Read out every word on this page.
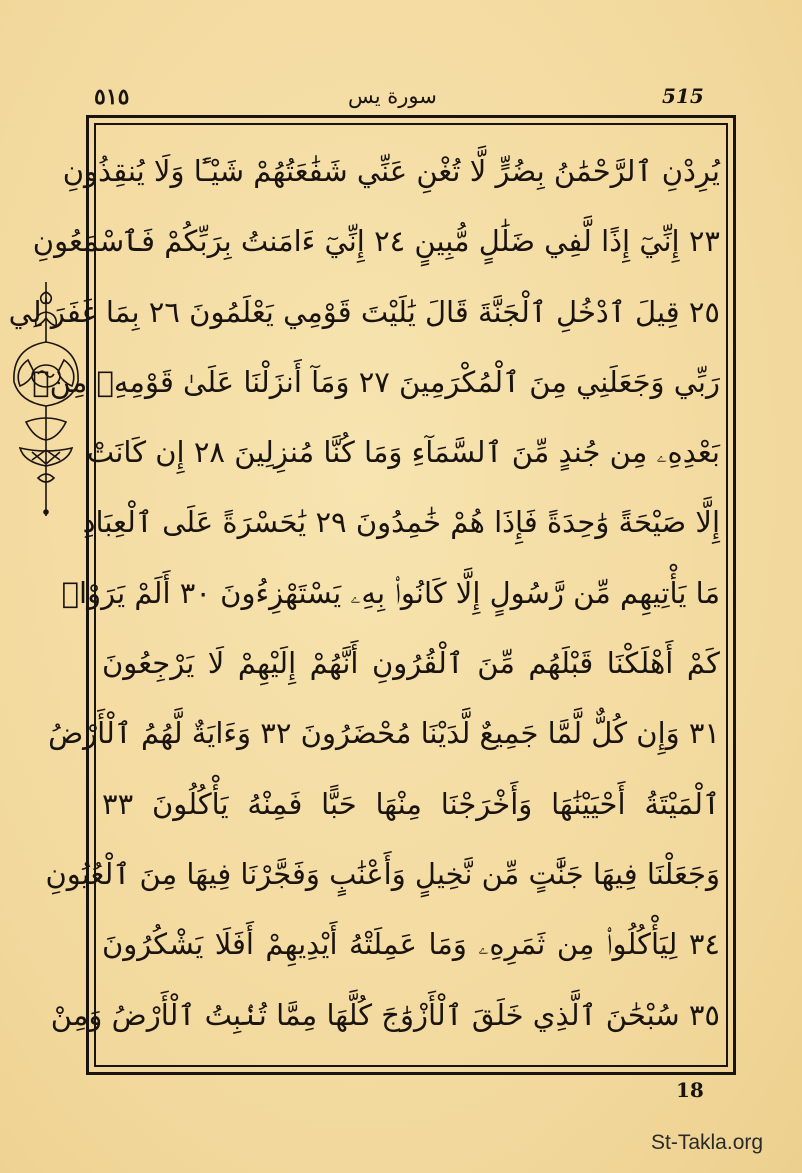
٥١٥	سورة يس	515
يُرِدْنِ ٱلرَّحْمَٰنُ بِضُرٍّ لَّا تُغْنِ عَنِّي شَفَٰعَتُهُمْ شَيْـًٔا وَلَا يُنقِذُونِ
٢٣ إِنِّيٓ إِذًا لَّفِي ضَلَٰلٍ مُّبِينٍ ٢٤ إِنِّيٓ ءَامَنتُ بِرَبِّكُمْ فَٱسْمَعُونِ
٢٥ قِيلَ ٱدْخُلِ ٱلْجَنَّةَ قَالَ يَٰلَيْتَ قَوْمِي يَعْلَمُونَ ٢٦ بِمَا غَفَرَ لِي
رَبِّي وَجَعَلَنِي مِنَ ٱلْمُكْرَمِينَ ٢٧ وَمَآ أَنزَلْنَا عَلَىٰ قَوْمِهِۦ مِنۢ
بَعْدِهِۦ مِن جُندٍ مِّنَ ٱلسَّمَآءِ وَمَا كُنَّا مُنزِلِينَ ٢٨ إِن كَانَتْ
إِلَّا صَيْحَةً وَٰحِدَةً فَإِذَا هُمْ خَٰمِدُونَ ٢٩ يَٰحَسْرَةً عَلَى ٱلْعِبَادِ
مَا يَأْتِيهِم مِّن رَّسُولٍ إِلَّا كَانُوا۟ بِهِۦ يَسْتَهْزِءُونَ ٣٠ أَلَمْ يَرَوْا۟
كَمْ أَهْلَكْنَا قَبْلَهُم مِّنَ ٱلْقُرُونِ أَنَّهُمْ إِلَيْهِمْ لَا يَرْجِعُونَ
٣١ وَإِن كُلٌّ لَّمَّا جَمِيعٌ لَّدَيْنَا مُحْضَرُونَ ٣٢ وَءَايَةٌ لَّهُمُ ٱلْأَرْضُ
ٱلْمَيْتَةُ أَحْيَيْنَٰهَا وَأَخْرَجْنَا مِنْهَا حَبًّا فَمِنْهُ يَأْكُلُونَ ٣٣
وَجَعَلْنَا فِيهَا جَنَّٰتٍ مِّن نَّخِيلٍ وَأَعْنَٰبٍ وَفَجَّرْنَا فِيهَا مِنَ ٱلْعُيُونِ
٣٤ لِيَأْكُلُوا۟ مِن ثَمَرِهِۦ وَمَا عَمِلَتْهُ أَيْدِيهِمْ أَفَلَا يَشْكُرُونَ
٣٥ سُبْحَٰنَ ٱلَّذِي خَلَقَ ٱلْأَزْوَٰجَ كُلَّهَا مِمَّا تُنۢبِتُ ٱلْأَرْضُ وَمِنْ
18
St-Takla.org
